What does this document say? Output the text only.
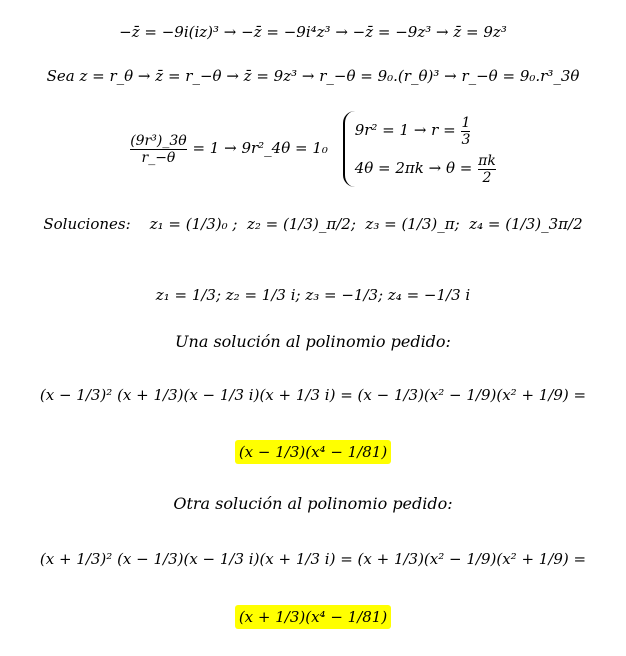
−z̄ = −9i(iz)³ → −z̄ = −9i⁴z³ → −z̄ = −9z³ → z̄ = 9z³
Sea z = r_θ → z̄ = r_−θ → z̄ = 9z³ → r_−θ = 9₀.(r_θ)³ → r_−θ = 9₀.r³_3θ
$\frac{\text{(9r³)\_3θ}}{r\_-\theta} = 1$ → 9r²_4θ = 1₀
$9r^2 = 1 \to r = \frac{1}{3}$
$4\theta = 2\pi k \to \theta = \frac{\pi k}{2}$
Soluciones: z₁ = (1/3)₀ ;  z₂ = (1/3)_π/2;  z₃ = (1/3)_π;  z₄ = (1/3)_3π/2
z₁ = 1/3; z₂ = 1/3 i; z₃ = −1/3; z₄ = −1/3 i
Una solución al polinomio pedido:
(x − 1/3)² (x + 1/3)(x − 1/3 i)(x + 1/3 i) = (x − 1/3)(x² − 1/9)(x² + 1/9) =
(x − 1/3)(x⁴ − 1/81)
Otra solución al polinomio pedido:
(x + 1/3)² (x − 1/3)(x − 1/3 i)(x + 1/3 i) = (x + 1/3)(x² − 1/9)(x² + 1/9) =
(x + 1/3)(x⁴ − 1/81)
